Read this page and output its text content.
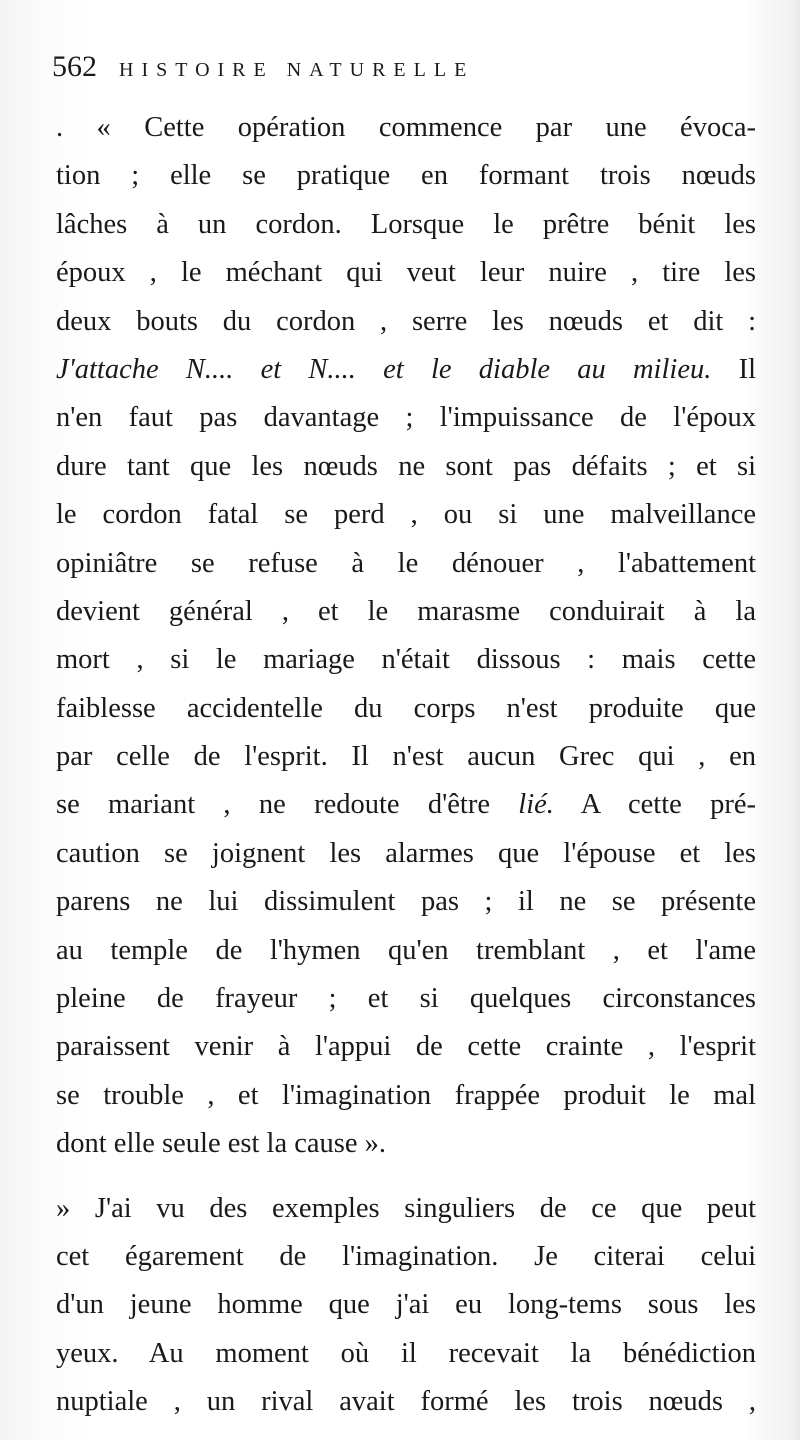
562 HISTOIRE NATURELLE
. « Cette opération commence par une évoca-
tion ; elle se pratique en formant trois nœuds
lâches à un cordon. Lorsque le prêtre bénit les
époux , le méchant qui veut leur nuire , tire les
deux bouts du cordon , serre les nœuds et dit :
J'attache N.... et N.... et le diable au milieu. Il
n'en faut pas davantage ; l'impuissance de l'époux
dure tant que les nœuds ne sont pas défaits ; et si
le cordon fatal se perd , ou si une malveillance
opiniâtre se refuse à le dénouer , l'abattement
devient général , et le marasme conduirait à la
mort , si le mariage n'était dissous : mais cette
faiblesse accidentelle du corps n'est produite que
par celle de l'esprit. Il n'est aucun Grec qui , en
se mariant , ne redoute d'être lié. A cette pré-
caution se joignent les alarmes que l'épouse et les
parens ne lui dissimulent pas ; il ne se présente
au temple de l'hymen qu'en tremblant , et l'ame
pleine de frayeur ; et si quelques circonstances
paraissent venir à l'appui de cette crainte , l'esprit
se trouble , et l'imagination frappée produit le mal
dont elle seule est la cause ».
» J'ai vu des exemples singuliers de ce que peut
cet égarement de l'imagination. Je citerai celui
d'un jeune homme que j'ai eu long-tems sous les
yeux. Au moment où il recevait la bénédiction
nuptiale , un rival avait formé les trois nœuds ,
